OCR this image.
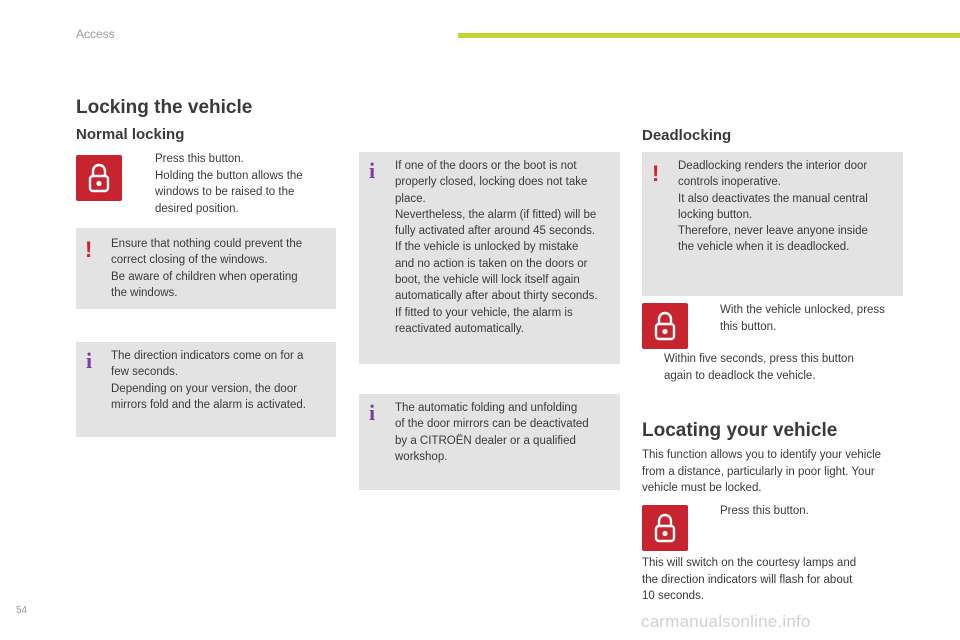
Access
Locking the vehicle
Normal locking
Press this button.
Holding the button allows the
windows to be raised to the
desired position.
! Ensure that nothing could prevent the
correct closing of the windows.
Be aware of children when operating
the windows.
i The direction indicators come on for a
few seconds.
Depending on your version, the door
mirrors fold and the alarm is activated.
i If one of the doors or the boot is not
properly closed, locking does not take
place.
Nevertheless, the alarm (if fitted) will be
fully activated after around 45 seconds.
If the vehicle is unlocked by mistake
and no action is taken on the doors or
boot, the vehicle will lock itself again
automatically after about thirty seconds.
If fitted to your vehicle, the alarm is
reactivated automatically.
i The automatic folding and unfolding
of the door mirrors can be deactivated
by a CITROËN dealer or a qualified
workshop.
Deadlocking
! Deadlocking renders the interior door
controls inoperative.
It also deactivates the manual central
locking button.
Therefore, never leave anyone inside
the vehicle when it is deadlocked.
With the vehicle unlocked, press
this button.
Within five seconds, press this button
again to deadlock the vehicle.
Locating your vehicle
This function allows you to identify your vehicle
from a distance, particularly in poor light. Your
vehicle must be locked.
Press this button.
This will switch on the courtesy lamps and
the direction indicators will flash for about
10 seconds.
54
carmanualsonline.info
